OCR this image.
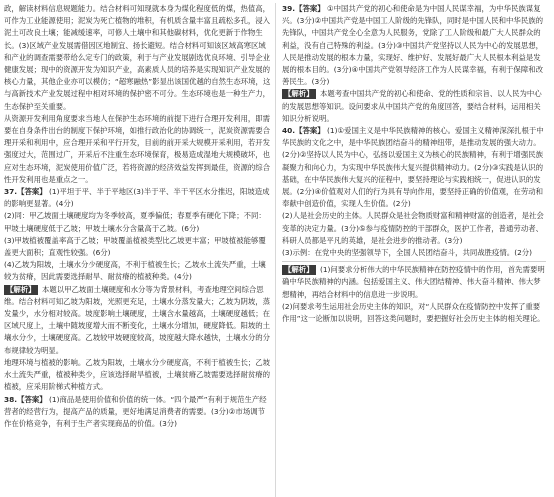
政，解读材料信息规题能力。结合材料可知现就本身为煤化程度低的煤，热值高，可作为工业能源使用；泥炭为死亡植物的堆积，有机质含量丰富且疏松多孔，浸入泥土可改良土壤；能减缓速率，可修人土壤中和其他碳材料，优化更新于作物生长。(3)区域产业发展需借因区地制宜、扬长避短。结合材料可知该区域高寒区域和产业的调查需要带给么定专门的政策，利于与产业发展剧选优良环境、引导企业健康发展；现中的资源开发为知识产业，高素质人员的培养是实现知识产业发展的核心力量，其他企业亦可以模仿；“超寒融热”影显出该国优越的自然生态环境，这与高新技术产业发展过程中相对环境的保护密不可分。生态环境也是一种生产力，生态保护至关重要。

从资源开发利用角度要求当地人在保护生态环境的前提下进行合理开发利用，即需要在自身条件出台的制度下保护环境，如推行政治化的协调统一，泥炭资源需要合理开采和利用中，应合理开采和平行开发，目前的前开采大规模开采利用，若开发强度过大，范围过广，开采后不注重生态环境保育，极易造成湿地大规模破坏，也应对生态环境，泥炭使用价值广泛，若将资源的经济效益发挥到最佳，资源的综合性开发利用也是重点之一。

37.【答案】 (1)平坦于平、半于平地区(3)半于平、半干平区水分推迟，阳坡造成的影响更显著。(4分)

(2)同：甲乙坡面土壤硬度均为冬季较高，夏季偏低；春夏季有硬化下降；不同：甲坡土壤硬度低于乙坡；甲坡土壤水分含量高于乙坡。(6分)

(3)甲坡植被覆盖率高于乙坡；甲坡覆盖植被类型比乙坡更丰富；甲坡植被能够覆盖更大面积；直观性较强。(6分)

(4)乙坡为阳坡，土壤水分少硬度高，不利于植被生长；乙坡水土流失严重，土壤较为贫瘠，因此需要选择耐旱、耐贫瘠的植被种类。(4分)

【解析】 本题以甲乙坡面土壤硬度和水分等为背景材料，考查地理空间综合思维。结合材料可知乙坡为阳坡，光照更充足，土壤水分蒸发量大；乙坡为阴坡，蒸发量少，水分相对较高。坡度影响土壤硬度，土壤含水量越高，土壤硬度越低；在区域尺度上，土壤中随坡度增大而不断变化，土壤水分增加，硬度降低。阳坡的土壤水分少，土壤硬度高。乙坡较甲坡硬度较高，坡度越大降水越快，土壤水分的分布规律较为明显。

地理环境与植被的影响。乙坡为阳坡，土壤水分少硬度高，不利于植被生长；乙坡水土流失严重，植被种类少，应该选择耐旱植被，土壤贫瘠乙坡需要选择耐贫瘠的植被，应采用阶梯式种植方式。

38.【答案】 (1)商品是使用价值和价值的统一体。“四个最严”有利于规范生产经营者的经营行为，提高产品的质量，更好地满足消费者的需要。(3分)②市场调节作在价格竞争，有利于生产者实现商品的价值。(3分)

39.【答案】 ①中国共产党的初心和使命是为中国人民谋幸福，为中华民族谋复兴。(3分)②中国共产党是中国工人阶级的先锋队，同时是中国人民和中华民族的先锋队，中国共产党全心全意为人民服务，党除了工人阶级和最广大人民群众的利益，没有自己特殊的利益。(3分)③中国共产党坚持以人民为中心的发展思想，人民是推动发展的根本力量，实现好、维护好、发展好最广大人民根本利益是发展的根本目的。(3分)④中国共产党领导经济工作为人民谋幸福，有利于保障和改善民生。(3分)

【解析】 本题考查中国共产党的初心和使命、党的性质和宗旨、以人民为中心的发展思想等知识。设问要求从中国共产党的角度回答，要结合材料，运用相关知识分析说明。

40.【答案】 (1)①爱国主义是中华民族精神的核心。爱国主义精神深深扎根于中华民族的文化之中，是中华民族团结奋斗的精神纽带，是推动发展的强大动力。(2分)②坚持以人民为中心，弘扬以爱国主义为核心的民族精神，有利于增强民族凝聚力和向心力，为实现中华民族伟大复兴提供精神动力。(2分)③实践是认识的基础，在中华民族伟大复兴的征程中，要坚持理论与实践相统一，促进认识的发展。(2分)④价值观对人们的行为具有导向作用，要坚持正确的价值观，在劳动和奉献中创造价值，实现人生价值。(2分)

(2)人是社会历史的主体。人民群众是社会物质财富和精神财富的创造者，是社会变革的决定力量。(3分)⑤参与疫情防控的干部群众，医护工作者，普通劳动者、科研人员都是平凡的英雄，是社会进步的推动者。(3分)

(3)示例：在党中央的坚强领导下，全国人民团结奋斗，共同战胜疫情。(2分)

【解析】 (1)问要求分析伟大的中华民族精神在防控疫情中的作用，首先需要明确中华民族精神的内涵。包括爱国主义、伟大团结精神、伟大奋斗精神、伟大梦想精神，再结合材料中的信息进一步说明。

(2)问要求考生运用社会历史主体的知识，对“人民群众在疫情防控中发挥了重要作用”这一论断加以说明，回答这类问题时，要把握好社会历史主体的相关理论。
